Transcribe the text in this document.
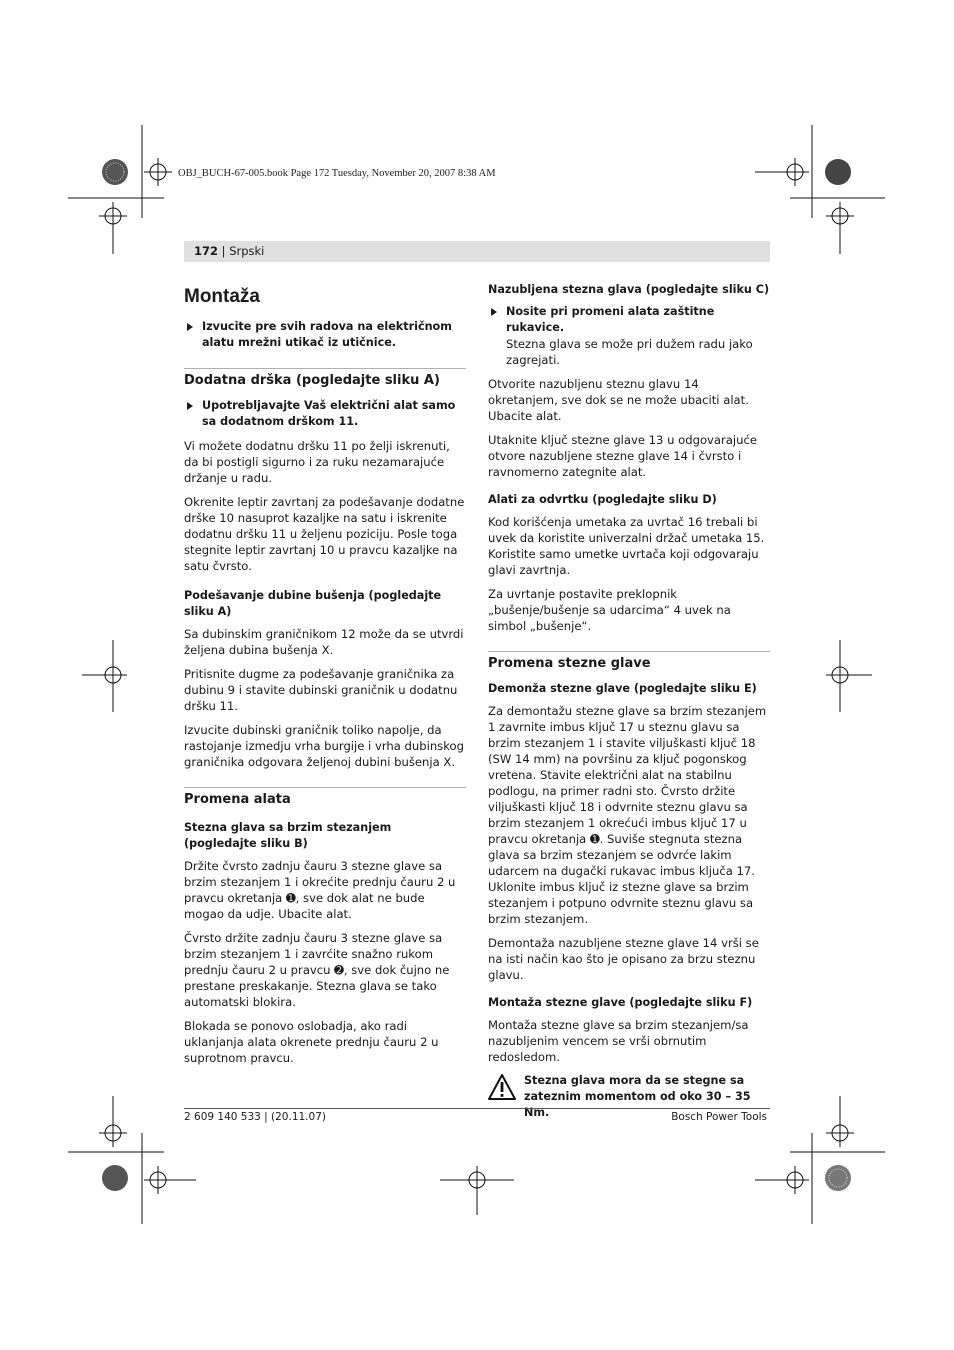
OBJ_BUCH-67-005.book Page 172 Tuesday, November 20, 2007 8:38 AM
172 | Srpski
Montaža

Izvucite pre svih radova na električnom alatu mrežni utikač iz utičnice.

Dodatna drška (pogledajte sliku A)

Upotrebljavajte Vaš električni alat samo sa dodatnom drškom 11.

Vi možete dodatnu dršku 11 po želji iskrenuti, da bi postigli sigurno i za ruku nezamarajuće držanje u radu.

Okrenite leptir zavrtanj za podešavanje dodatne drške 10 nasuprot kazaljke na satu i iskrenite dodatnu dršku 11 u željenu poziciju. Posle toga stegnite leptir zavrtanj 10 u pravcu kazaljke na satu čvrsto.

Podešavanje dubine bušenja (pogledajte sliku A)

Sa dubinskim graničnikom 12 može da se utvrdi željena dubina bušenja X.

Pritisnite dugme za podešavanje graničnika za dubinu 9 i stavite dubinski graničnik u dodatnu dršku 11.

Izvucite dubinski graničnik toliko napolje, da rastojanje izmedju vrha burgije i vrha dubinskog graničnika odgovara željenoj dubini bušenja X.

Promena alata
Stezna glava sa brzim stezanjem (pogledajte sliku B)

Držite čvrsto zadnju čauru 3 stezne glave sa brzim stezanjem 1 i okrećite prednju čauru 2 u pravcu okretanja ➊, sve dok alat ne bude mogao da udje. Ubacite alat.

Čvrsto držite zadnju čauru 3 stezne glave sa brzim stezanjem 1 i zavrćite snažno rukom prednju čauru 2 u pravcu ➋, sve dok čujno ne prestane preskakanje. Stezna glava se tako automatski blokira.

Blokada se ponovo oslobadja, ako radi uklanjanja alata okrenete prednju čauru 2 u suprotnom pravcu.

Nazubljena stezna glava (pogledajte sliku C)

Nosite pri promeni alata zaštitne rukavice.

Stezna glava se može pri dužem radu jako zagrejati.

Otvorite nazubljenu steznu glavu 14 okretanjem, sve dok se ne može ubaciti alat. Ubacite alat.

Utaknite ključ stezne glave 13 u odgovarajuće otvore nazubljene stezne glave 14 i čvrsto i ravnomerno zategnite alat.

Alati za odvrtku (pogledajte sliku D)

Kod korišćenja umetaka za uvrtač 16 trebali bi uvek da koristite univerzalni držač umetaka 15. Koristite samo umetke uvrtača koji odgovaraju glavi zavrtnja.

Za uvrtanje postavite preklopnik „bušenje/bušenje sa udarcima“ 4 uvek na simbol „bušenje“.

Promena stezne glave
Demonža stezne glave (pogledajte sliku E)

Za demontažu stezne glave sa brzim stezanjem 1 zavrnite imbus ključ 17 u steznu glavu sa brzim stezanjem 1 i stavite viljuškasti ključ 18 (SW 14 mm) na površinu za ključ pogonskog vretena. Stavite električni alat na stabilnu podlogu, na primer radni sto. Čvrsto držite viljuškasti ključ 18 i odvrnite steznu glavu sa brzim stezanjem 1 okrećući imbus ključ 17 u pravcu okretanja ➊. Suviše stegnuta stezna glava sa brzim stezanjem se odvrće lakim udarcem na dugački rukavac imbus ključa 17. Uklonite imbus ključ iz stezne glave sa brzim stezanjem i potpuno odvrnite steznu glavu sa brzim stezanjem.

Demontaža nazubljene stezne glave 14 vrši se na isti način kao što je opisano za brzu steznu glavu.

Montaža stezne glave (pogledajte sliku F)

Montaža stezne glave sa brzim stezanjem/sa nazubljenim vencem se vrši obrnutim redosledom.

Stezna glava mora da se stegne sa zateznim momentom od oko 30 – 35 Nm.

2 609 140 533 | (20.11.07)	Bosch Power Tools
